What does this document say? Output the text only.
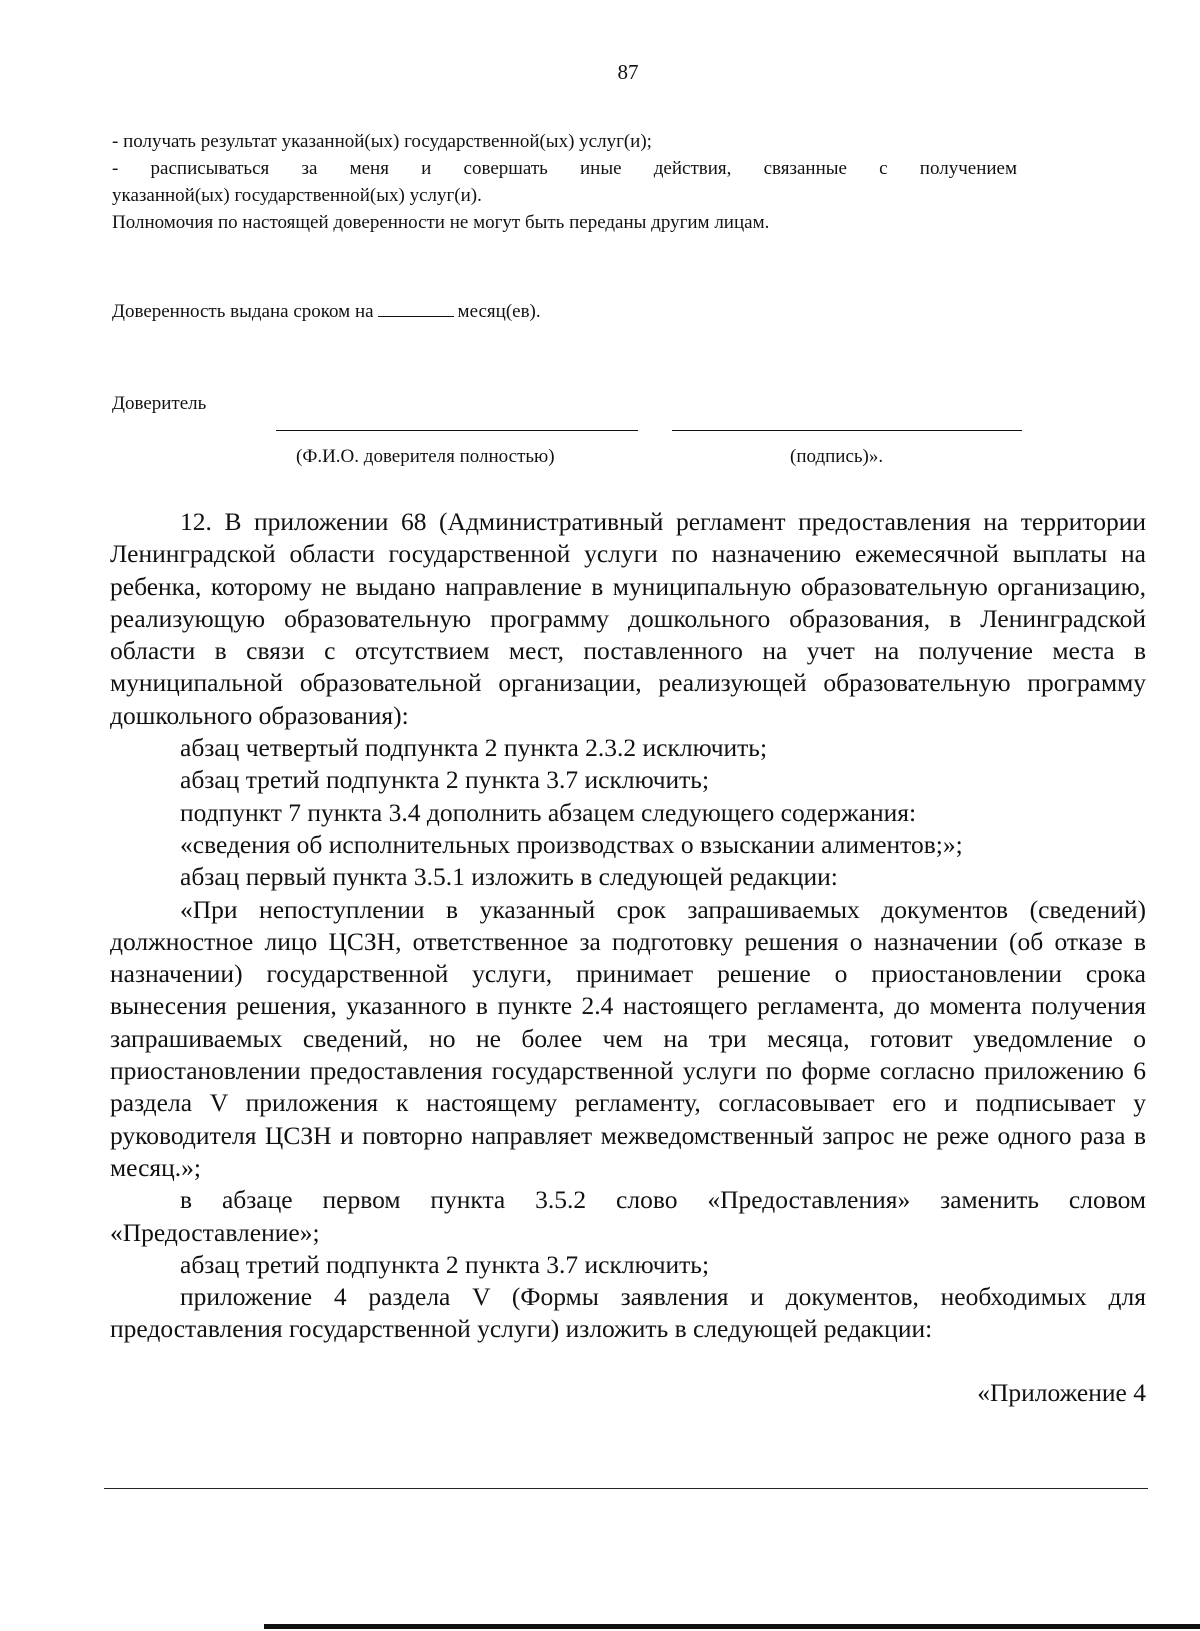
87
- получать результат указанной(ых) государственной(ых) услуг(и);
- расписываться за меня и совершать иные действия, связанные с получением
указанной(ых) государственной(ых) услуг(и).
Полномочия по настоящей доверенности не могут быть переданы другим лицам.
Доверенность выдана сроком на	месяц(ев).
Доверитель
(Ф.И.О. доверителя полностью)	(подпись)».

12. В приложении 68 (Административный регламент предоставления на территории Ленинградской области государственной услуги по назначению ежемесячной выплаты на ребенка, которому не выдано направление в муниципальную образовательную организацию, реализующую образовательную программу дошкольного образования, в Ленинградской области в связи с отсутствием мест, поставленного на учет на получение места в муниципальной образовательной организации, реализующей образовательную программу дошкольного образования):

абзац четвертый подпункта 2 пункта 2.3.2 исключить;

абзац третий подпункта 2 пункта 3.7 исключить;

подпункт 7 пункта 3.4 дополнить абзацем следующего содержания:

«сведения об исполнительных производствах о взыскании алиментов;»;

абзац первый пункта 3.5.1 изложить в следующей редакции:

«При непоступлении в указанный срок запрашиваемых документов (сведений) должностное лицо ЦСЗН, ответственное за подготовку решения о назначении (об отказе в назначении) государственной услуги, принимает решение о приостановлении срока вынесения решения, указанного в пункте 2.4 настоящего регламента, до момента получения запрашиваемых сведений, но не более чем на три месяца, готовит уведомление о приостановлении предоставления государственной услуги по форме согласно приложению 6 раздела V приложения к настоящему регламенту, согласовывает его и подписывает у руководителя ЦСЗН и повторно направляет межведомственный запрос не реже одного раза в месяц.»;

в абзаце первом пункта 3.5.2 слово «Предоставления» заменить словом «Предоставление»;

абзац третий подпункта 2 пункта 3.7 исключить;

приложение 4 раздела V (Формы заявления и документов, необходимых для предоставления государственной услуги) изложить в следующей редакции:

«Приложение 4
